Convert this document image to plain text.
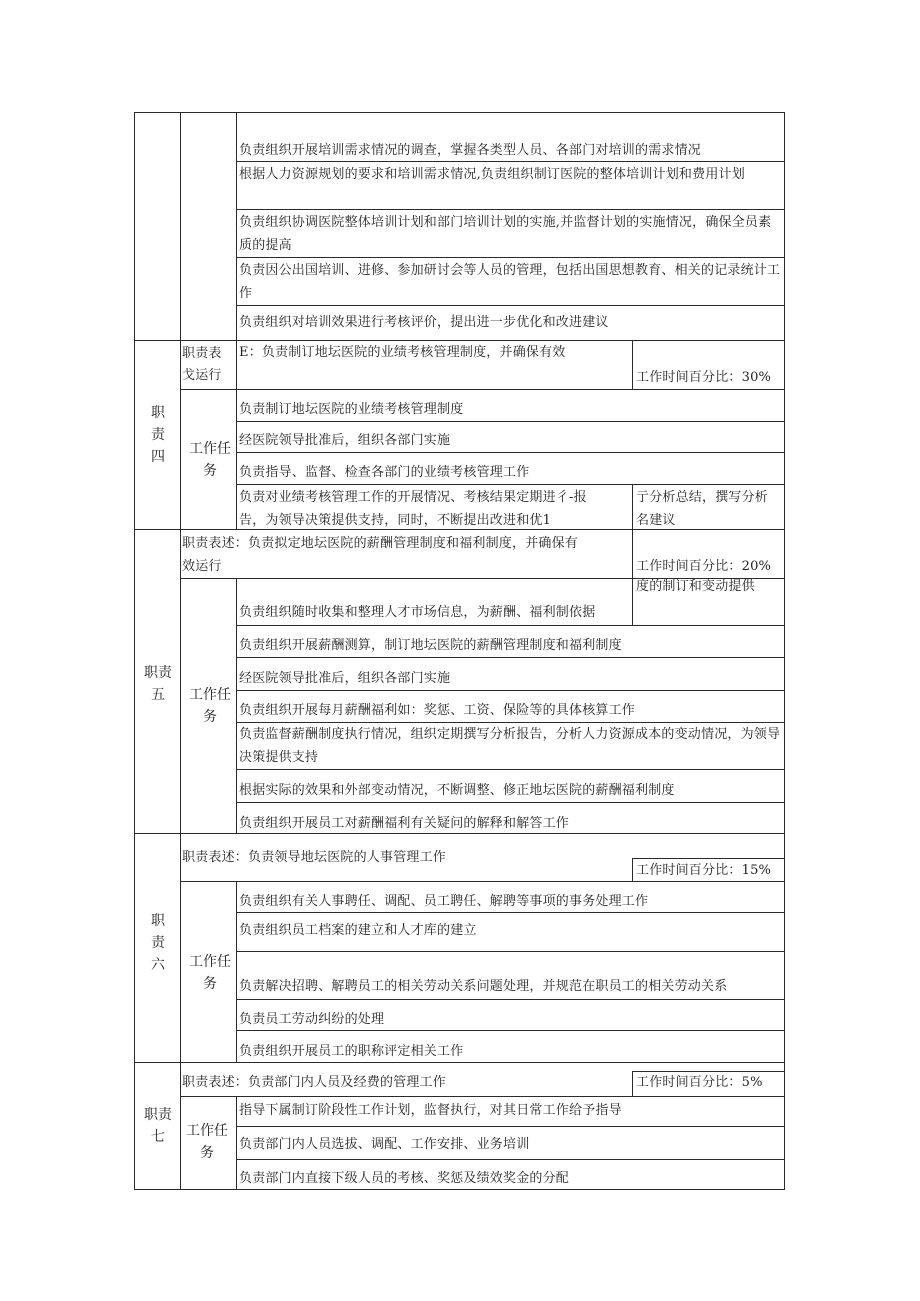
负责组织开展培训需求情况的调查，掌握各类型人员、各部门对培训的需求情况
根据人力资源规划的要求和培训需求情况,负责组织制订医院的整体培训计划和费用计划
负责组织协调医院整体培训计划和部门培训计划的实施,并监督计划的实施情况，确保全员素质的提高
负责因公出国培训、进修、参加研讨会等人员的管理，包括出国思想教育、相关的记录统计工作
负责组织对培训效果进行考核评价，提出进一步优化和改进建议
职
责
四
职责表
戈运行
E：负责制订地坛医院的业绩考核管理制度，并确保有效
工作时间百分比：30%
工作任
务
负责制订地坛医院的业绩考核管理制度
经医院领导批准后，组织各部门实施
负责指导、监督、检查各部门的业绩考核管理工作
负责对业绩考核管理工作的开展情况、考核结果定期进彳-报
告，为领导决策提供支持，同时，不断提出改进和优1
亍分析总结，撰写分析
名建议
职责
五
职责表述：负责拟定地坛医院的薪酬管理制度和福利制度，并确保有
效运行	工作时间百分比：20%
工作任
务
度的制订和变动提供
负责组织随时收集和整理人才市场信息，为薪酬、福利制依据
负责组织开展薪酬测算，制订地坛医院的薪酬管理制度和福利制度
经医院领导批准后，组织各部门实施
负责组织开展每月薪酬福利如：奖惩、工资、保险等的具体核算工作
负责监督薪酬制度执行情况，组织定期撰写分析报告，分析人力资源成本的变动情况，为领导决策提供支持
根据实际的效果和外部变动情况，不断调整、修正地坛医院的薪酬福利制度
负责组织开展员工对薪酬福利有关疑问的解释和解答工作
职
责
六
职责表述：负责领导地坛医院的人事管理工作
工作时间百分比：15%
工作任
务
负责组织有关人事聘任、调配、员工聘任、解聘等事项的事务处理工作
负责组织员工档案的建立和人才库的建立
负责解决招聘、解聘员工的相关劳动关系问题处理，并规范在职员工的相关劳动关系
负责员工劳动纠纷的处理
负责组织开展员工的职称评定相关工作
职责
七
职责表述：负责部门内人员及经费的管理工作	工作时间百分比：5%
工作任
务
指导下属制订阶段性工作计划，监督执行，对其日常工作给予指导
负责部门内人员选拔、调配、工作安排、业务培训
负责部门内直接下级人员的考核、奖惩及绩效奖金的分配
